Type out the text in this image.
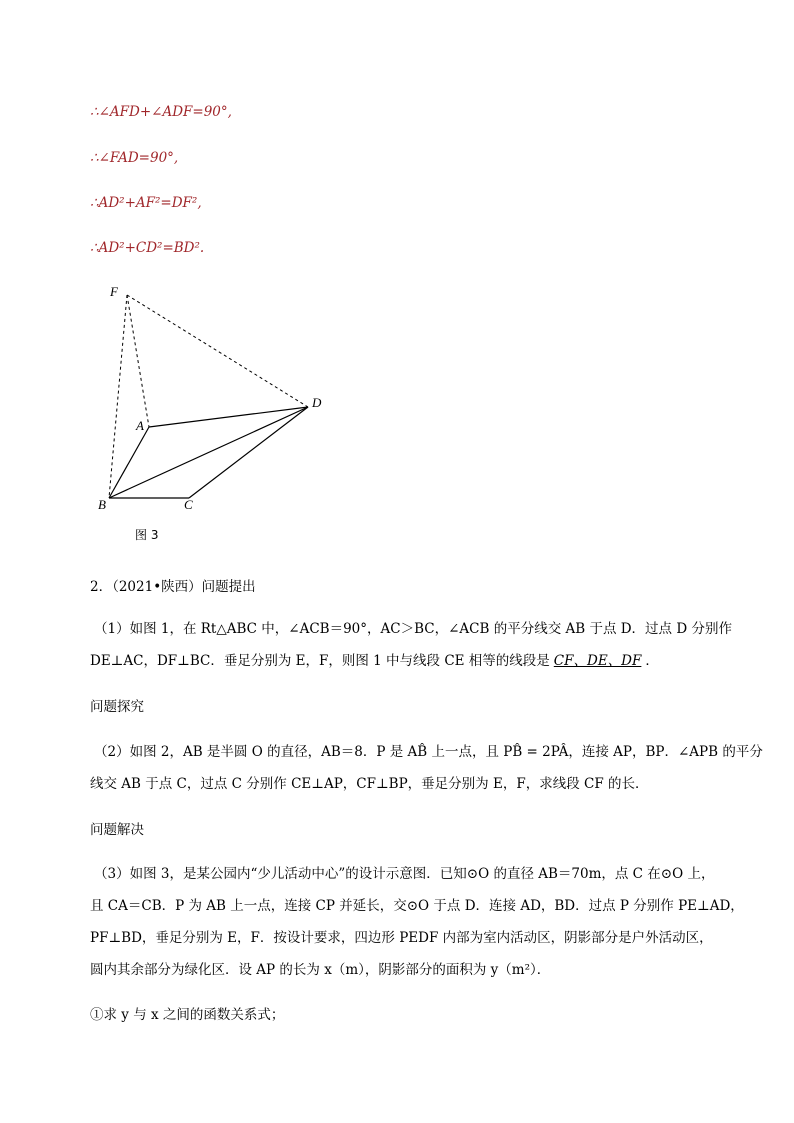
∴∠AFD+∠ADF=90°,
∴∠FAD=90°,
∴AD²+AF²=DF²,
∴AD²+CD²=BD².
F
A
D
B	C
图 3
2．（2021•陕西）问题提出
（1）如图 1，在 Rt△ABC 中，∠ACB＝90°，AC＞BC，∠ACB 的平分线交 AB 于点 D．过点 D 分别作
DE⊥AC，DF⊥BC．垂足分别为 E，F，则图 1 中与线段 CE 相等的线段是 CF、DE、DF ．
问题探究
（2）如图 2，AB 是半圆 O 的直径，AB＝8．P 是 AB̂ 上一点，且 PB̂ = 2PÂ，连接 AP，BP．∠APB 的平分
线交 AB 于点 C，过点 C 分别作 CE⊥AP，CF⊥BP，垂足分别为 E，F，求线段 CF 的长．
问题解决
（3）如图 3，是某公园内“少儿活动中心”的设计示意图．已知⊙O 的直径 AB＝70m，点 C 在⊙O 上，
且 CA＝CB．P 为 AB 上一点，连接 CP 并延长，交⊙O 于点 D．连接 AD，BD．过点 P 分别作 PE⊥AD，
PF⊥BD，垂足分别为 E，F．按设计要求，四边形 PEDF 内部为室内活动区，阴影部分是户外活动区，
圆内其余部分为绿化区．设 AP 的长为 x（m），阴影部分的面积为 y（m²）．
①求 y 与 x 之间的函数关系式；
